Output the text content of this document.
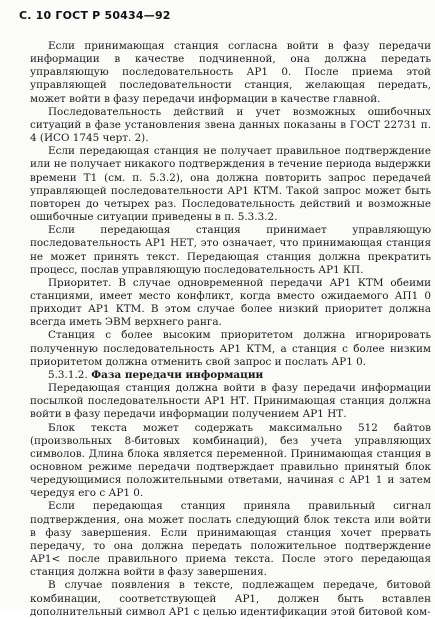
С. 10 ГОСТ Р 50434—92

Если принимающая станция согласна войти в фазу передачи информации в качестве подчиненной, она должна передать управляющую последовательность АР1 0. После приема этой управляющей последовательности станция, желающая передать, может войти в фазу передачи информации в качестве главной.

Последовательность действий и учет возможных ошибочных ситуаций в фазе установления звена данных показаны в ГОСТ 22731 п. 4 (ИСО 1745 черт. 2).

Если передающая станция не получает правильное подтверждение или не получает никакого подтверждения в течение периода выдержки времени Т1 (см. п. 5.3.2), она должна повторить запрос передачей управляющей последовательности АР1 КТМ. Такой запрос может быть повторен до четырех раз. Последовательность действий и возможные ошибочные ситуации приведены в п. 5.3.3.2.

Если передающая станция принимает управляющую последовательность АР1 НЕТ, это означает, что принимающая станция не может принять текст. Передающая станция должна прекратить процесс, послав управляющую последовательность АР1 КП.

Приоритет. В случае одновременной передачи АР1 КТМ обеими станциями, имеет место конфликт, когда вместо ожидаемого АП1 0 приходит АР1 КТМ. В этом случае более низкий приоритет должна всегда иметь ЭВМ верхнего ранга.

Станция с более высоким приоритетом должна игнорировать полученную последовательность АР1 КТМ, а станция с более низким приоритетом должна отменить свой запрос и послать АР1 0.

5.3.1.2. Фаза передачи информации

Передающая станция должна войти в фазу передачи информации посылкой последовательности АР1 НТ. Принимающая станция должна войти в фазу передачи информации получением АР1 НТ.

Блок текста может содержать максимально 512 байтов (произвольных 8-битовых комбинаций), без учета управляющих символов. Длина блока является переменной. Принимающая станция в основном режиме передачи подтверждает правильно принятый блок чередующимися положительными ответами, начиная с АР1 1 и затем чередуя его с АР1 0.

Если передающая станция приняла правильный сигнал подтверждения, она может послать следующий блок текста или войти в фазу завершения. Если принимающая станция хочет прервать передачу, то она должна передать положительное подтверждение АР1< после правильного приема текста. После этого передающая станция должна войти в фазу завершения.

В случае появления в тексте, подлежащем передаче, битовой комбинации, соответствующей АР1, должен быть вставлен дополнительный символ АР1 с целью идентификации этой битовой ком-
